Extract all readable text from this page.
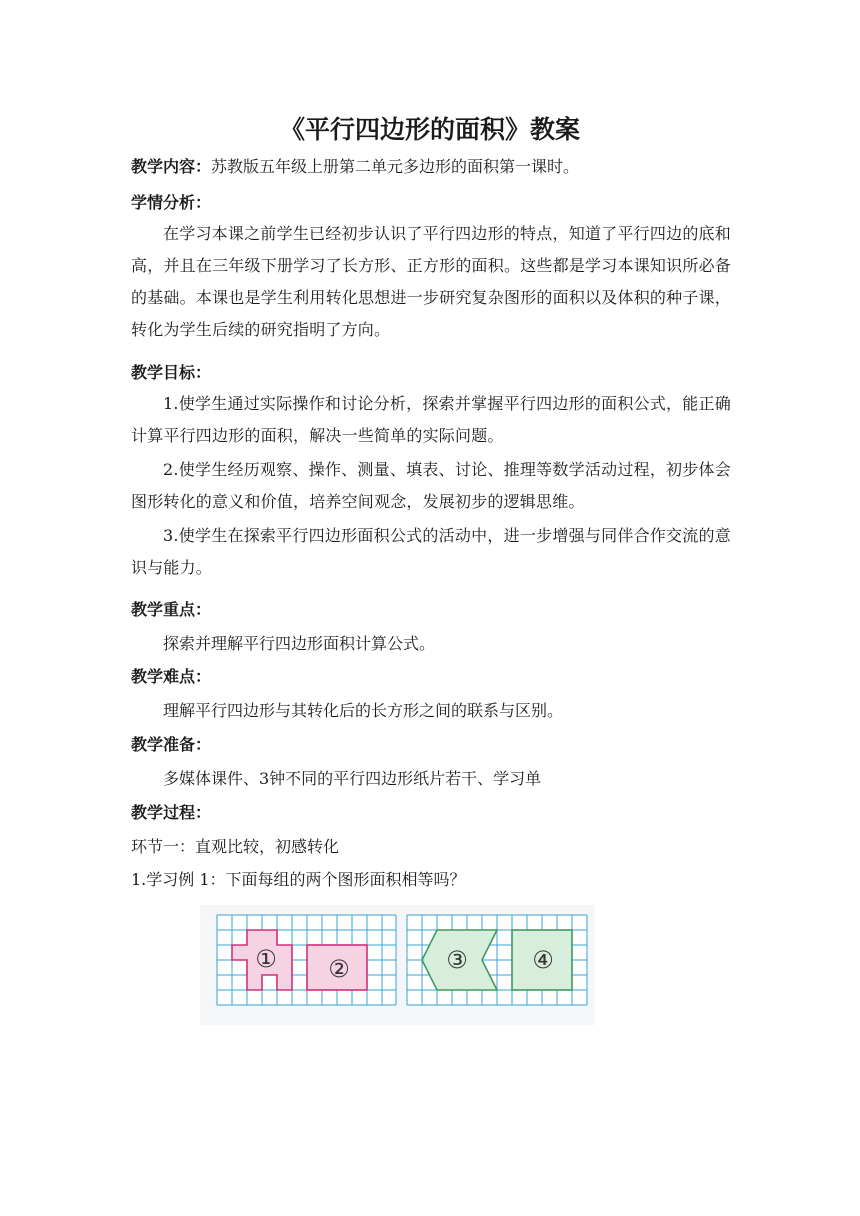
《平行四边形的面积》教案
教学内容：苏教版五年级上册第二单元多边形的面积第一课时。
学情分析：
在学习本课之前学生已经初步认识了平行四边形的特点，知道了平行四边的底和高，并且在三年级下册学习了长方形、正方形的面积。这些都是学习本课知识所必备的基础。本课也是学生利用转化思想进一步研究复杂图形的面积以及体积的种子课，转化为学生后续的研究指明了方向。
教学目标：
1.使学生通过实际操作和讨论分析，探索并掌握平行四边形的面积公式，能正确计算平行四边形的面积，解决一些简单的实际问题。
2.使学生经历观察、操作、测量、填表、讨论、推理等数学活动过程，初步体会图形转化的意义和价值，培养空间观念，发展初步的逻辑思维。
3.使学生在探索平行四边形面积公式的活动中，进一步增强与同伴合作交流的意识与能力。
教学重点：
探索并理解平行四边形面积计算公式。
教学难点：
理解平行四边形与其转化后的长方形之间的联系与区别。
教学准备：
多媒体课件、3钟不同的平行四边形纸片若干、学习单
教学过程：
环节一：直观比较，初感转化
1.学习例 1：下面每组的两个图形面积相等吗？
① ②	③	④
